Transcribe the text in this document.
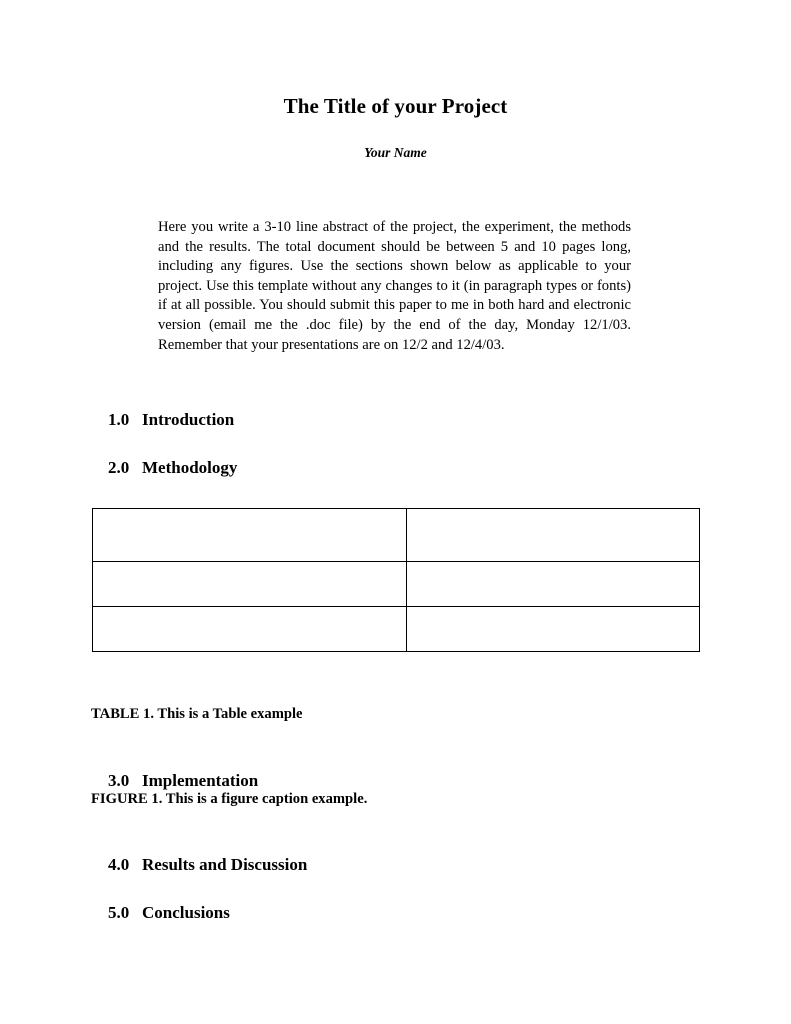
The Title of your Project
Your Name
Here you write a 3-10 line abstract of the project, the experiment, the methods and the results. The total document should be between 5 and 10 pages long, including any figures. Use the sections shown below as applicable to your project. Use this template without any changes to it (in paragraph types or fonts) if at all possible. You should submit this paper to me in both hard and electronic version (email me the .doc file) by the end of the day, Monday 12/1/03. Remember that your presentations are on 12/2 and 12/4/03.

1.0 Introduction

2.0 Methodology

TABLE 1. This is a Table example

3.0 Implementation

FIGURE 1. This is a figure caption example.

4.0 Results and Discussion

5.0 Conclusions
